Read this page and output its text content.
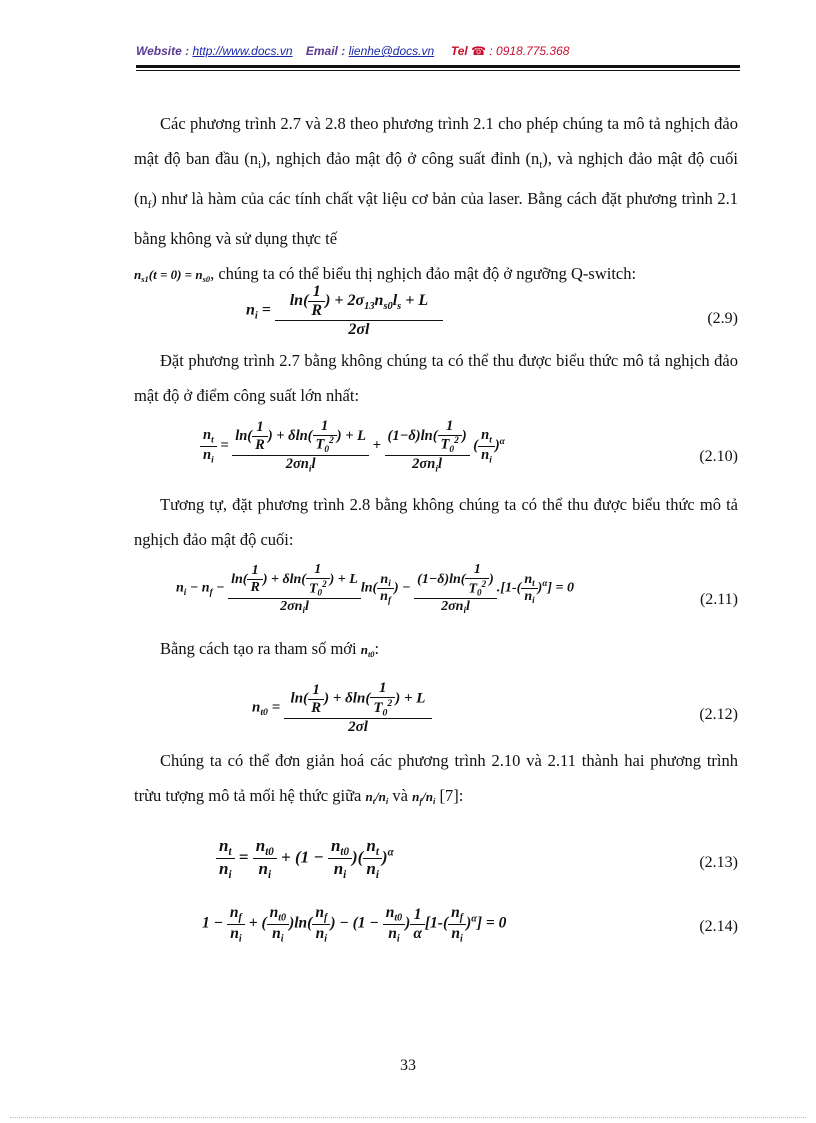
Website : http://www.docs.vn Email : lienhe@docs.vn Tel ☎ : 0918.775.368
Các phương trình 2.7 và 2.8 theo phương trình 2.1 cho phép chúng ta mô tả nghịch đảo mật độ ban đầu $(n_i)$, nghịch đảo mật độ ở công suất đỉnh $(n_t)$, và nghịch đảo mật độ cuối $(n_f)$ như là hàm của các tính chất vật liệu cơ bản của laser. Bằng cách đặt phương trình 2.1 bằng không và sử dụng thực tế
$n_{s1}(t = 0) = n_{s0}$, chúng ta có thể biểu thị nghịch đảo mật độ ở ngưỡng Q-switch:
$n_i = \frac{\ln( \frac{1}{R} ) + 2\sigma_{13}n_{s0}l_s + L}{2\sigma l}$	(2.9)
Đặt phương trình 2.7 bằng không chúng ta có thể thu được biểu thức mô tả nghịch đảo mật độ ở điểm công suất lớn nhất:
$\frac{n_t}{n_i} = \frac{\ln( \frac{1}{R} ) + \delta\ln( \frac{1}{T_0^2} ) + L}{2\sigma n_il} + \frac{(1-\delta)\ln( \frac{1}{T_0^2} )}{2\sigma n_il}$ ( $\frac{n_t}{n_i} )^\alpha$
(2.10)
Tương tự, đặt phương trình 2.8 bằng không chúng ta có thể thu được biểu thức mô tả nghịch đảo mật độ cuối:
$n_i - n_f - \frac{\ln( \frac{1}{R} ) + \delta\ln( \frac{1}{T_0^2} ) + L}{2\sigma n_il} \ln( \frac{n_i}{n_f}$ ) − $\frac{(1-\delta)\ln( \frac{1}{T_0^2} )}{2\sigma n_il} .[1-( \frac{n_t}{n_i} )^\alpha] = 0$
(2.11)
Bằng cách tạo ra tham số mới $n_{t0}$:
$n_{t0} = \frac{\ln( \frac{1}{R} ) + \delta\ln( \frac{1}{T_0^2} ) + L}{2\sigma l}$	(2.12)
Chúng ta có thể đơn giản hoá các phương trình 2.10 và 2.11 thành hai phương trình trừu tượng mô tả mối hệ thức giữa $n_t/n_i$ và $n_f/n_i$ [7]:
$\frac{n_t}{n_i} = \frac{n_{t0}}{n_i} + (1 - \frac{n_{t0}}{n_i}$ )( $\frac{n_t}{n_i} )^\alpha$
(2.13)
$1 - \frac{n_f}{n_i}$ + ( $\frac{n_{t0}}{n_i} )\ln( \frac{n_f}{n_i}$ ) − ($1 - \frac{n_{t0}}{n_i}$ ) $\frac{1}{\alpha} [1-( \frac{n_f}{n_i} )^\alpha] = 0$	(2.14)
33
